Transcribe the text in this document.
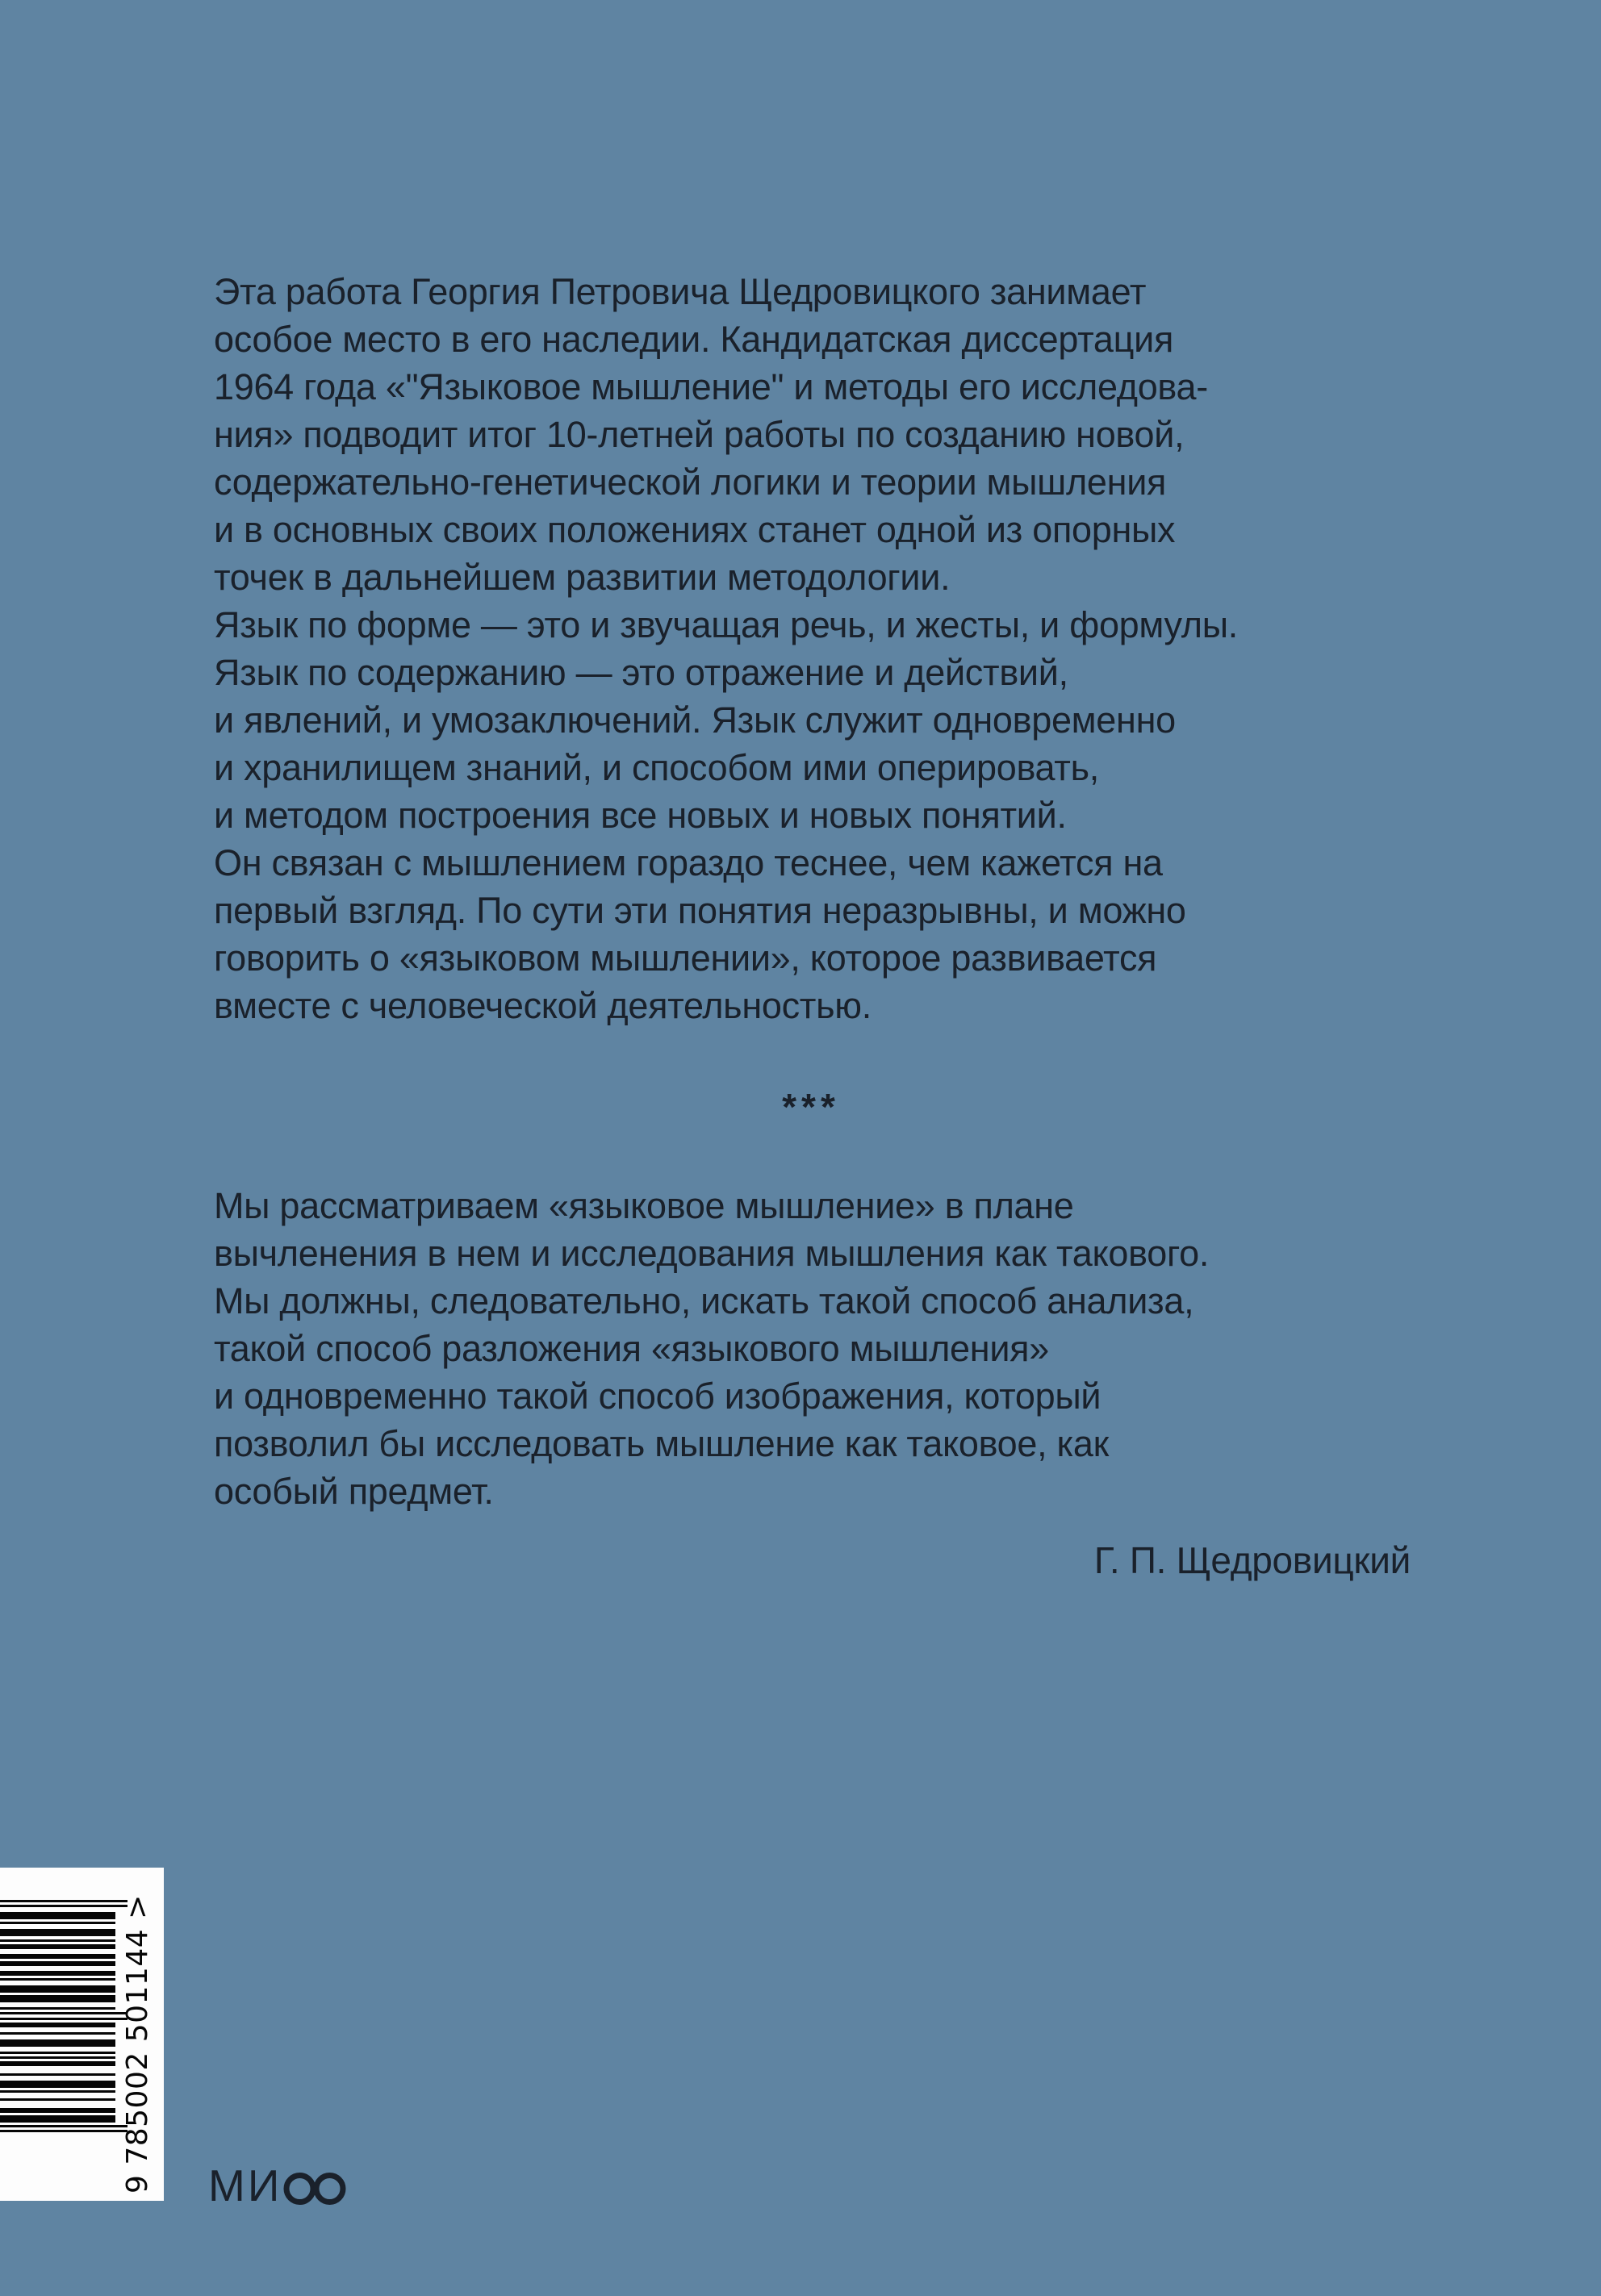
Эта работа Георгия Петровича Щедровицкого занимает
особое место в его наследии. Кандидатская диссертация
1964 года «"Языковое мышление" и методы его исследова-
ния» подводит итог 10-летней работы по созданию новой,
содержательно-генетической логики и теории мышления
и в основных своих положениях станет одной из опорных
точек в дальнейшем развитии методологии.
Язык по форме — это и звучащая речь, и жесты, и формулы.
Язык по содержанию — это отражение и действий,
и явлений, и умозаключений. Язык служит одновременно
и хранилищем знаний, и способом ими оперировать,
и методом построения все новых и новых понятий.
Он связан с мышлением гораздо теснее, чем кажется на
первый взгляд. По сути эти понятия неразрывны, и можно
говорить о «языковом мышлении», которое развивается
вместе с человеческой деятельностью.
***
Мы рассматриваем «языковое мышление» в плане
вычленения в нем и исследования мышления как такового.
Мы должны, следовательно, искать такой способ анализа,
такой способ разложения «языкового мышления»
и одновременно такой способ изображения, который
позволил бы исследовать мышление как таковое, как
особый предмет.
Г. П. Щедровицкий
9 785002 501144 > МИ
